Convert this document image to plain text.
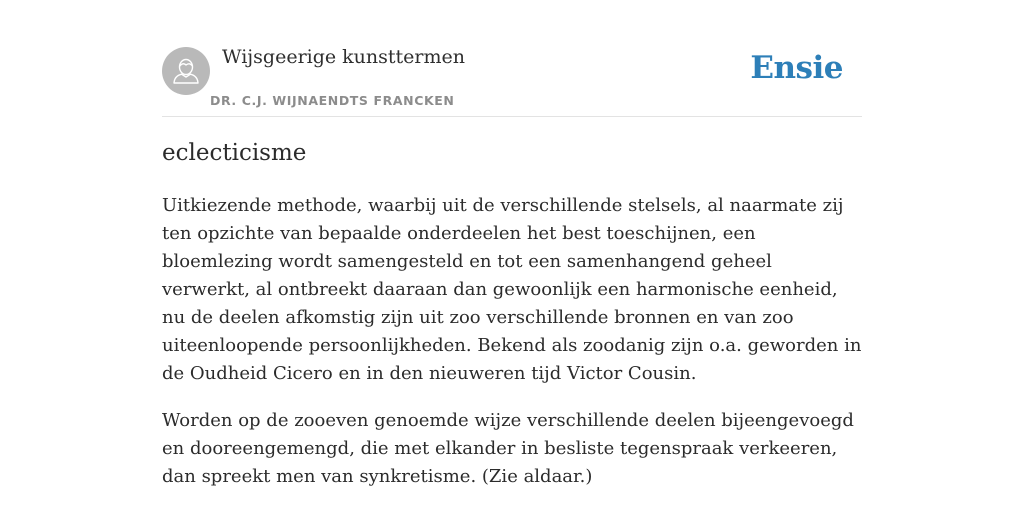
Wijsgeerige kunsttermen
DR. C.J. WIJNAENDTS FRANCKEN
Ensie
eclecticisme

Uitkiezende methode, waarbij uit de verschillende stelsels, al naarmate zij ten opzichte van bepaalde onderdeelen het best toeschijnen, een bloemlezing wordt samengesteld en tot een samenhangend geheel verwerkt, al ontbreekt daaraan dan gewoonlijk een harmonische eenheid, nu de deelen afkomstig zijn uit zoo verschillende bronnen en van zoo uiteenloopende persoonlijkheden. Bekend als zoodanig zijn o.a. geworden in de Oudheid Cicero en in den nieuweren tijd Victor Cousin.

Worden op de zooeven genoemde wijze verschillende deelen bijeengevoegd en dooreengemengd, die met elkander in besliste tegenspraak verkeeren, dan spreekt men van synkretisme. (Zie aldaar.)
